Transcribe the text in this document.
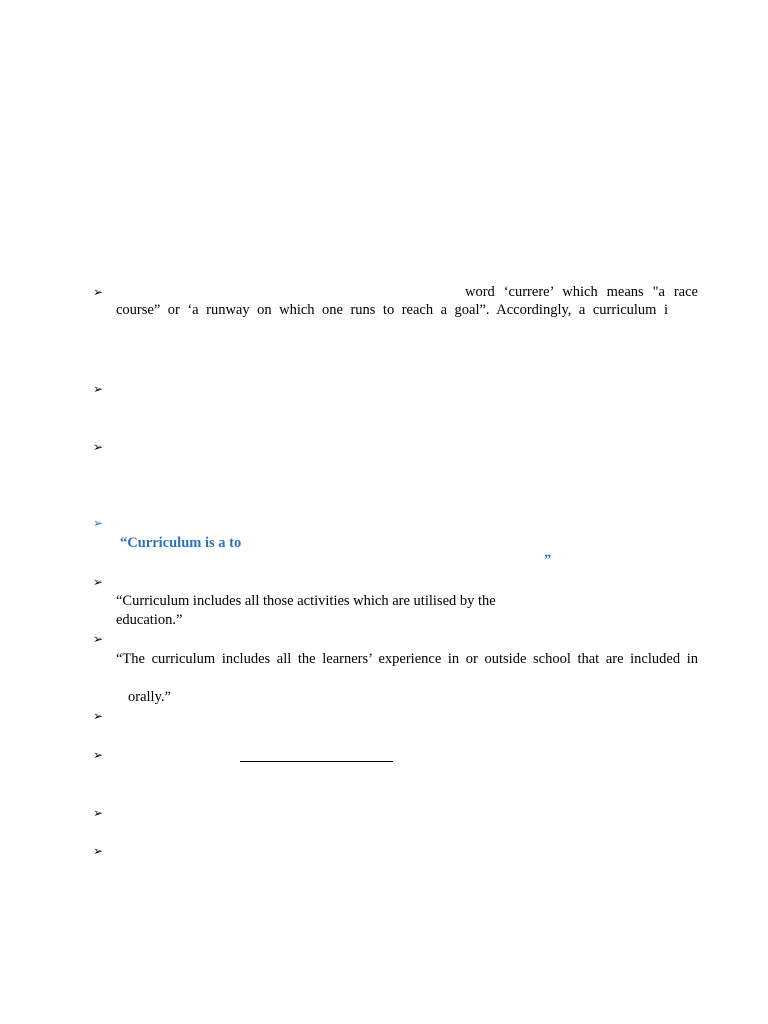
➢	word ‘currere’ which means "a race
course” or ‘a runway on which one runs to reach a goal”. Accordingly, a curriculum i
➢
➢
➢
“Curriculum is a to
”
➢
“Curriculum includes all those activities which are utilised by the
education.”
➢
“The curriculum includes all the learners’ experience in or outside school that are included in
orally.”
➢
➢
➢
➢
